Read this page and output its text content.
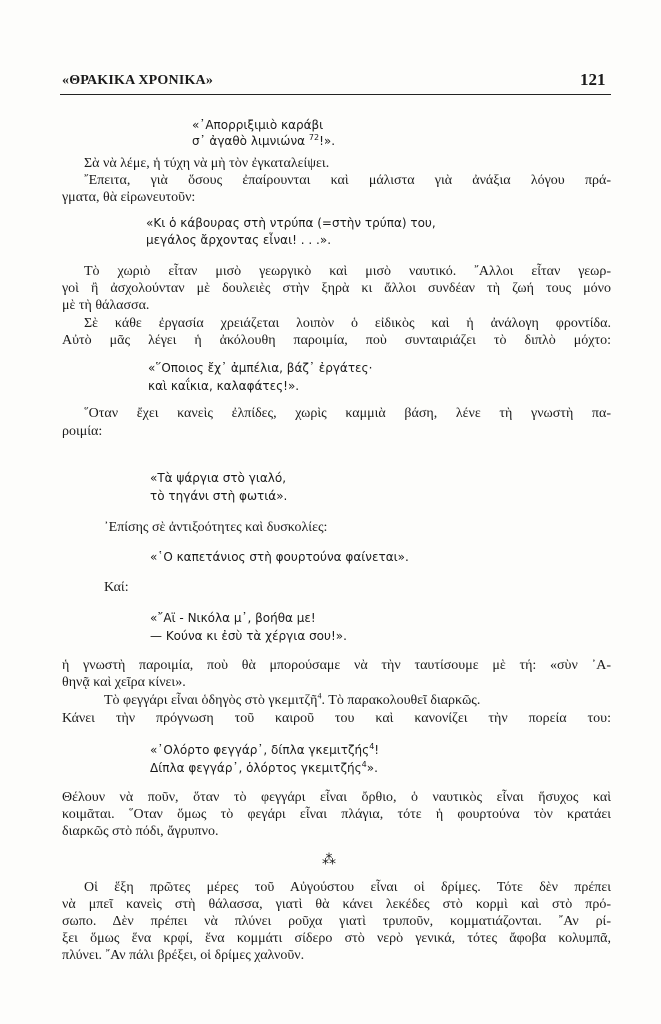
«ΘΡΑΚΙΚΑ ΧΡΟΝΙΚΑ»	121
«᾿Απορριξιμιὸ καράβι
σ᾿ ἀγαθὸ λιμνιώνα $^{72}$!».
Σὰ νὰ λέμε, ἡ τύχη νὰ μὴ τὸν ἐγκαταλείψει.
῎Επειτα, γιὰ ὅσους ἐπαίρουνται καὶ μάλιστα γιὰ ἀνάξια λόγου πρά-
γματα, θὰ εἰρωνευτοῦν:
«Κι ὁ κάβουρας στὴ ντρύπα (=στὴν τρύπα) του,
μεγάλος ἄρχοντας εἶναι! . . .».
Τὸ χωριὸ εἶταν μισὸ γεωργικὸ καὶ μισὸ ναυτικό. ῎Αλλοι εἶταν γεωρ-
γοὶ ἢ ἀσχολούνταν μὲ δουλειὲς στὴν ξηρὰ κι ἄλλοι συνδέαν τὴ ζωή τους μόνο
μὲ τὴ θάλασσα.
Σὲ κάθε ἐργασία χρειάζεται λοιπὸν ὁ εἰδικὸς καὶ ἡ ἀνάλογη φροντίδα.
Αὐτὸ μᾶς λέγει ἡ ἀκόλουθη παροιμία, ποὺ συνταιριάζει τὸ διπλὸ μόχτο:
«῞Οποιος ἔχ᾿ ἀμπέλια, βάζ᾿ ἐργάτες·
καὶ καΐκια, καλαφάτες!».
῞Οταν ἔχει κανεὶς ἐλπίδες, χωρὶς καμμιὰ βάση, λένε τὴ γνωστὴ πα-
ροιμία:
«Τὰ ψάργια στὸ γιαλό,
τὸ τηγάνι στὴ φωτιά».
᾿Επίσης σὲ ἀντιξοότητες καὶ δυσκολίες:
«῾Ο καπετάνιος στὴ φουρτούνα φαίνεται».
Καί:
«῎Αϊ - Νικόλα μ᾿, βοήθα με!
— Κούνα κι ἐσὺ τὰ χέργια σου!».
ἡ γνωστὴ παροιμία, ποὺ θὰ μπορούσαμε νὰ τὴν ταυτίσουμε μὲ τή: «σὺν ᾿Α-
θηνᾷ καὶ χεῖρα κίνει».
Τὸ φεγγάρι εἶναι ὁδηγὸς στὸ γκεμιτζῆ$^4$. Τὸ παρακολουθεῖ διαρκῶς.
Κάνει τὴν πρόγνωση τοῦ καιροῦ του καὶ κανονίζει τὴν πορεία του:
«᾿Ολόρτο φεγγάρ᾿, δίπλα γκεμιτζής$^4$!
Δίπλα φεγγάρ᾿, ὁλόρτος γκεμιτζής$^4$».
Θέλουν νὰ ποῦν, ὅταν τὸ φεγγάρι εἶναι ὄρθιο, ὁ ναυτικὸς εἶναι ἥσυχος καὶ
κοιμᾶται. ῞Οταν ὅμως τὸ φεγάρι εἶναι πλάγια, τότε ἡ φουρτούνα τὸν κρατάει
διαρκῶς στὸ πόδι, ἄγρυπνο.
⁂
Οἱ ἕξη πρῶτες μέρες τοῦ Αὐγούστου εἶναι οἱ δρίμες. Τότε δὲν πρέπει
νὰ μπεῖ κανεὶς στὴ θάλασσα, γιατὶ θὰ κάνει λεκέδες στὸ κορμὶ καὶ στὸ πρό-
σωπο. Δὲν πρέπει νὰ πλύνει ροῦχα γιατὶ τρυποῦν, κομματιάζονται. ῎Αν ρί-
ξει ὅμως ἕνα κρφί, ἕνα κομμάτι σίδερο στὸ νερὸ γενικά, τότες ἄφοβα κολυμπᾶ,
πλύνει. ῎Αν πάλι βρέξει, οἱ δρίμες χαλνοῦν.
